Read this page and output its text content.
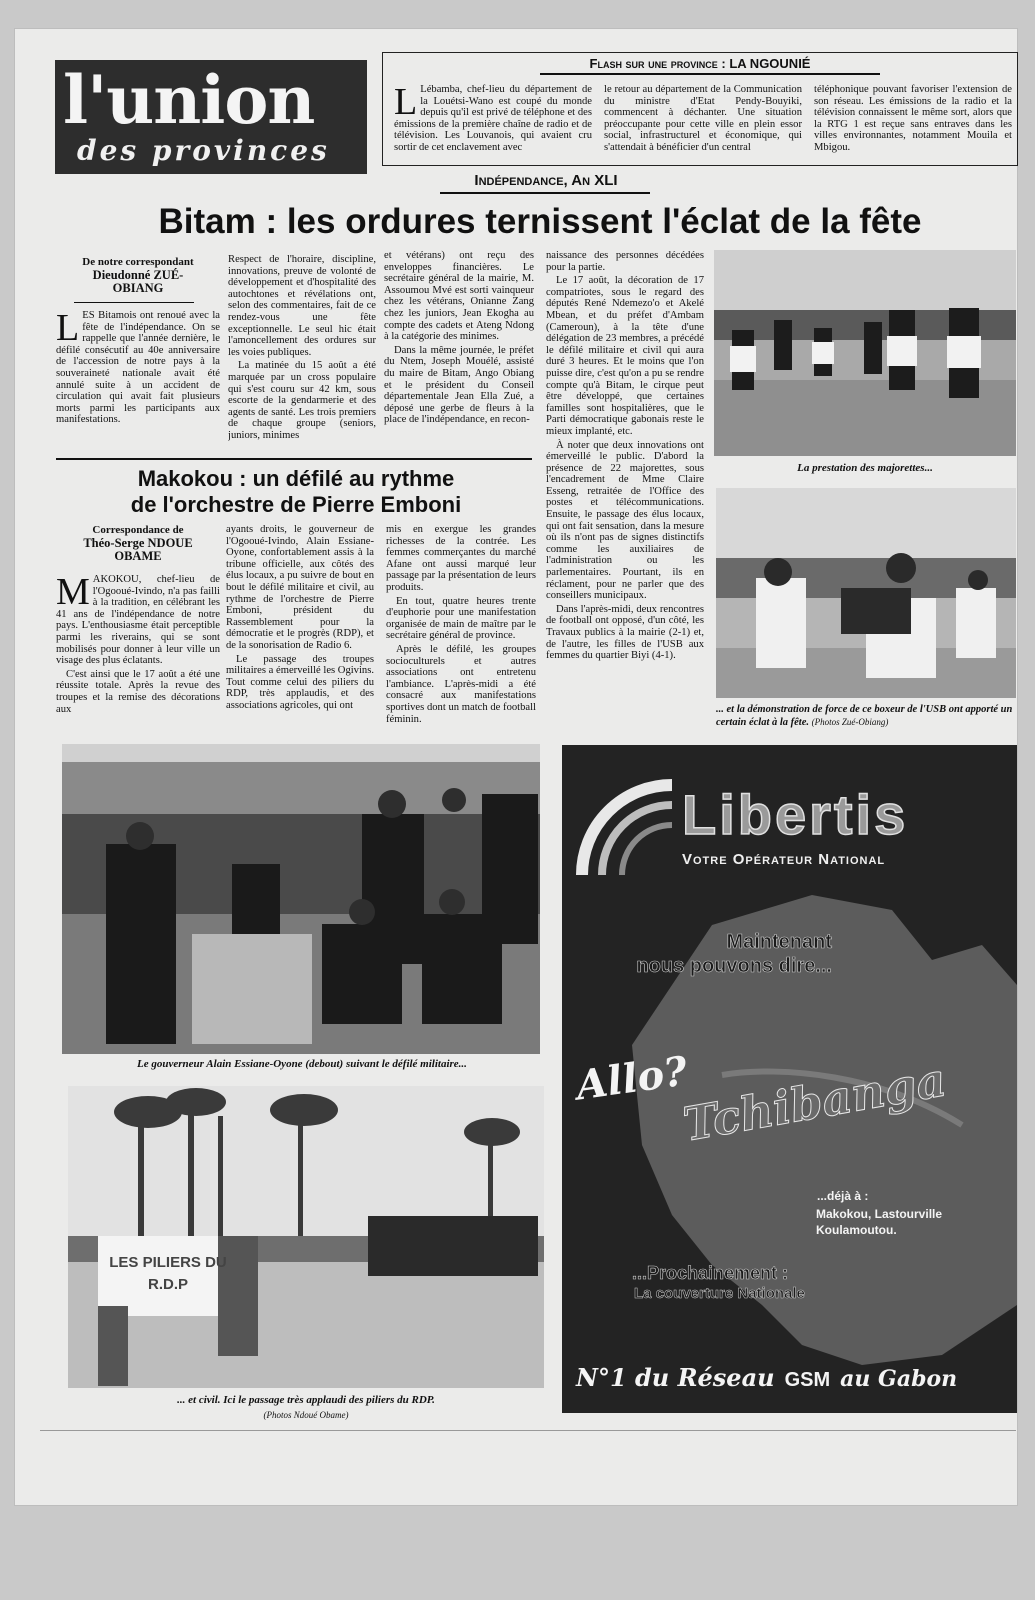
l'union
des provinces
Flash sur une province : LA NGOUNIÉ
L Lébamba, chef-lieu du département de la Louétsi-Wano est coupé du monde depuis qu'il est privé de téléphone et des émissions de la première chaîne de radio et de télévision. Les Louvanois, qui avaient cru sortir de cet enclavement avec
le retour au département de la Communication du ministre d'Etat Pendy-Bouyiki, commencent à déchanter. Une situation préoccupante pour cette ville en plein essor social, infrastructurel et économique, qui s'attendait à bénéficier d'un central
téléphonique pouvant favoriser l'extension de son réseau. Les émissions de la radio et la télévision connaissent le même sort, alors que la RTG 1 est reçue sans entraves dans les villes environnantes, notamment Mouila et Mbigou.
Indépendance, An XLI
Bitam : les ordures ternissent l'éclat de la fête
De notre correspondant
Dieudonné ZUÉ-OBIANG
LES Bitamois ont renoué avec la fête de l'indépendance. On se rappelle que l'année dernière, le défilé consécutif au 40e anniversaire de l'accession de notre pays à la souveraineté nationale avait été annulé suite à un accident de circulation qui avait fait plusieurs morts parmi les participants aux manifestations.

Respect de l'horaire, discipline, innovations, preuve de volonté de développement et d'hospitalité des autochtones et révélations ont, selon des commentaires, fait de ce rendez-vous une fête exceptionnelle. Le seul hic était l'amoncellement des ordures sur les voies publiques.

La matinée du 15 août a été marquée par un cross populaire qui s'est couru sur 42 km, sous escorte de la gendarmerie et des agents de santé. Les trois premiers de chaque groupe (seniors, juniors, minimes

et vétérans) ont reçu des enveloppes financières. Le secrétaire général de la mairie, M. Assoumou Mvé est sorti vainqueur chez les vétérans, Onianne Zang chez les juniors, Jean Ekogha au compte des cadets et Ateng Ndong à la catégorie des minimes.

Dans la même journée, le préfet du Ntem, Joseph Mouélé, assisté du maire de Bitam, Ango Obiang et le président du Conseil départementale Jean Ella Zué, a déposé une gerbe de fleurs à la place de l'indépendance, en recon-

naissance des personnes décédées pour la partie.

Le 17 août, la décoration de 17 compatriotes, sous le regard des députés René Ndemezo'o et Akelé Mbean, et du préfet d'Ambam (Cameroun), à la tête d'une délégation de 23 membres, a précédé le défilé militaire et civil qui aura duré 3 heures. Et le moins que l'on puisse dire, c'est qu'on a pu se rendre compte qu'à Bitam, le cirque peut être développé, que certaines familles sont hospitalières, que le Parti démocratique gabonais reste le mieux implanté, etc.

À noter que deux innovations ont émerveillé le public. D'abord la présence de 22 majorettes, sous l'encadrement de Mme Claire Esseng, retraitée de l'Office des postes et télécommunications. Ensuite, le passage des élus locaux, qui ont fait sensation, dans la mesure où ils n'ont pas de signes distinctifs comme les auxiliaires de l'administration ou les parlementaires. Pourtant, ils en réclament, pour ne parler que des conseillers municipaux.

Dans l'après-midi, deux rencontres de football ont opposé, d'un côté, les Travaux publics à la mairie (2-1) et, de l'autre, les filles de l'USB aux femmes du quartier Biyi (4-1).

La prestation des majorettes...
... et la démonstration de force de ce boxeur de l'USB ont apporté un certain éclat à la fête. (Photos Zué-Obiang)
Makokou : un défilé au rythme
de l'orchestre de Pierre Emboni
Correspondance de
Théo-Serge NDOUE OBAME

MAKOKOU, chef-lieu de l'Ogooué-Ivindo, n'a pas failli à la tradition, en célébrant les 41 ans de l'indépendance de notre pays. L'enthousiasme était perceptible parmi les riverains, qui se sont mobilisés pour donner à leur ville un visage des plus éclatants.

C'est ainsi que le 17 août a été une réussite totale. Après la revue des troupes et la remise des décorations aux

ayants droits, le gouverneur de l'Ogooué-Ivindo, Alain Essiane-Oyone, confortablement assis à la tribune officielle, aux côtés des élus locaux, a pu suivre de bout en bout le défilé militaire et civil, au rythme de l'orchestre de Pierre Emboni, président du Rassemblement pour la démocratie et le progrès (RDP), et de la sonorisation de Radio 6.

Le passage des troupes militaires a émerveillé les Ogivins. Tout comme celui des piliers du RDP, très applaudis, et des associations agricoles, qui ont

mis en exergue les grandes richesses de la contrée. Les femmes commerçantes du marché Afane ont aussi marqué leur passage par la présentation de leurs produits.

En tout, quatre heures trente d'euphorie pour une manifestation organisée de main de maître par le secrétaire général de province.

Après le défilé, les groupes socioculturels et autres associations ont entretenu l'ambiance. L'après-midi a été consacré aux manifestations sportives dont un match de football féminin.

Le gouverneur Alain Essiane-Oyone (debout) suivant le défilé militaire...
LES PILIERS DU R.D.P
... et civil. Ici le passage très applaudi des piliers du RDP.
(Photos Ndoué Obame)
Libertis
Votre Opérateur National
Maintenant
nous pouvons dire...
Allo?
Tchibanga
...déjà à :
Makokou, Lastourville
Koulamoutou.
...Prochainement :
La couverture Nationale
N°1 du Réseau GSM au Gabon
